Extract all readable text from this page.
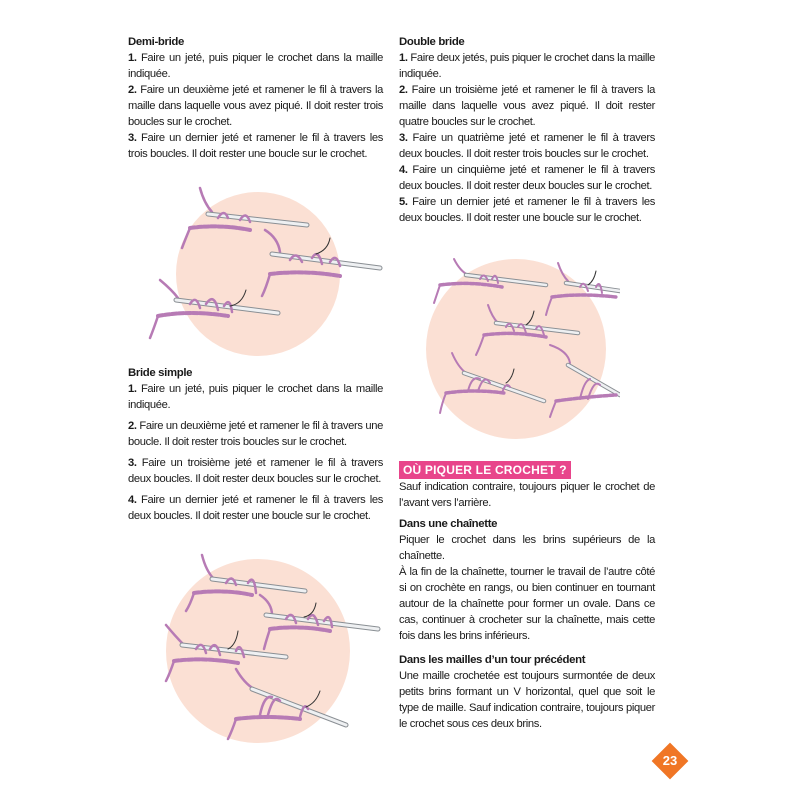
Demi-bride

1. Faire un jeté, puis piquer le crochet dans la maille indiquée.

2. Faire un deuxième jeté et ramener le fil à travers la maille dans laquelle vous avez piqué. Il doit rester trois boucles sur le crochet.

3. Faire un dernier jeté et ramener le fil à travers les trois boucles. Il doit rester une boucle sur le crochet.

Bride simple

1. Faire un jeté, puis piquer le crochet dans la maille indiquée.

2. Faire un deuxième jeté et ramener le fil à travers une boucle. Il doit rester trois boucles sur le crochet.

3. Faire un troisième jeté et ramener le fil à travers deux boucles. Il doit rester deux boucles sur le crochet.

4. Faire un dernier jeté et ramener le fil à travers les deux boucles. Il doit rester une boucle sur le crochet.

Double bride

1. Faire deux jetés, puis piquer le crochet dans la maille indiquée.

2. Faire un troisième jeté et ramener le fil à travers la maille dans laquelle vous avez piqué. Il doit rester quatre boucles sur le crochet.

3. Faire un quatrième jeté et ramener le fil à travers deux boucles. Il doit rester trois boucles sur le crochet.

4. Faire un cinquième jeté et ramener le fil à travers deux boucles. Il doit rester deux boucles sur le crochet.

5. Faire un dernier jeté et ramener le fil à travers les deux boucles. Il doit rester une boucle sur le crochet.

OÙ PIQUER LE CROCHET ?

Sauf indication contraire, toujours piquer le crochet de l’avant vers l’arrière.

Dans une chaînette

Piquer le crochet dans les brins supérieurs de la chaînette.

À la fin de la chaînette, tourner le travail de l’autre côté si on crochète en rangs, ou bien continuer en tournant autour de la chaînette pour former un ovale. Dans ce cas, continuer à crocheter sur la chaînette, mais cette fois dans les brins inférieurs.

Dans les mailles d’un tour précédent

Une maille crochetée est toujours surmontée de deux petits brins formant un V horizontal, quel que soit le type de maille. Sauf indication contraire, toujours piquer le crochet sous ces deux brins.

23
